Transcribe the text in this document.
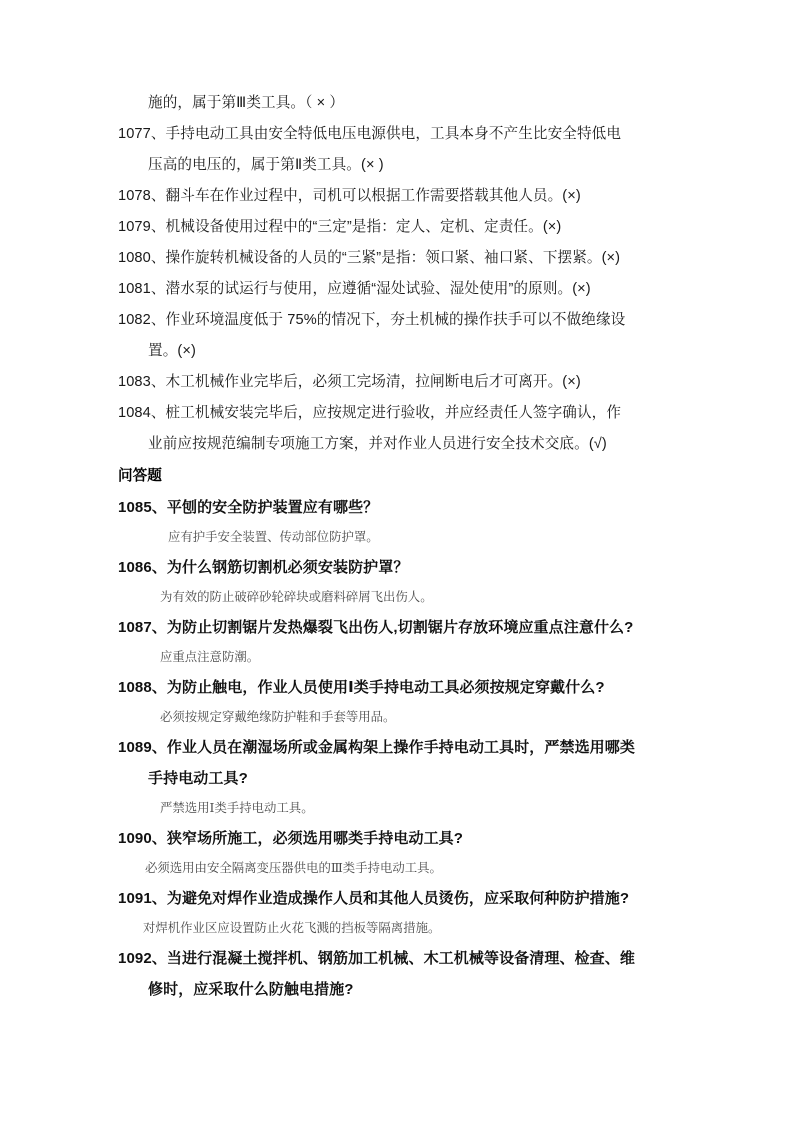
施的，属于第Ⅲ类工具。（ × ）

1077、手持电动工具由安全特低电压电源供电，工具本身不产生比安全特低电

压高的电压的，属于第Ⅱ类工具。(× )

1078、翻斗车在作业过程中，司机可以根据工作需要搭载其他人员。(×)

1079、机械设备使用过程中的“三定”是指：定人、定机、定责任。(×)

1080、操作旋转机械设备的人员的“三紧”是指：领口紧、袖口紧、下摆紧。(×)

1081、潜水泵的试运行与使用，应遵循“湿处试验、湿处使用”的原则。(×)

1082、作业环境温度低于 75%的情况下，夯土机械的操作扶手可以不做绝缘设

置。(×)

1083、木工机械作业完毕后，必须工完场清，拉闸断电后才可离开。(×)

1084、桩工机械安装完毕后，应按规定进行验收，并应经责任人签字确认，作

业前应按规范编制专项施工方案，并对作业人员进行安全技术交底。(√)

问答题

1085、平刨的安全防护装置应有哪些？

应有护手安全装置、传动部位防护罩。

1086、为什么钢筋切割机必须安装防护罩？

为有效的防止破碎砂轮碎块或磨料碎屑飞出伤人。

1087、为防止切割锯片发热爆裂飞出伤人,切割锯片存放环境应重点注意什么?

应重点注意防潮。

1088、为防止触电，作业人员使用Ⅰ类手持电动工具必须按规定穿戴什么?

必须按规定穿戴绝缘防护鞋和手套等用品。

1089、作业人员在潮湿场所或金属构架上操作手持电动工具时，严禁选用哪类

手持电动工具?

严禁选用Ⅰ类手持电动工具。

1090、狭窄场所施工，必须选用哪类手持电动工具?

必须选用由安全隔离变压器供电的Ⅲ类手持电动工具。

1091、为避免对焊作业造成操作人员和其他人员烫伤，应采取何种防护措施?

对焊机作业区应设置防止火花飞溅的挡板等隔离措施。

1092、当进行混凝土搅拌机、钢筋加工机械、木工机械等设备清理、检查、维

修时，应采取什么防触电措施?
